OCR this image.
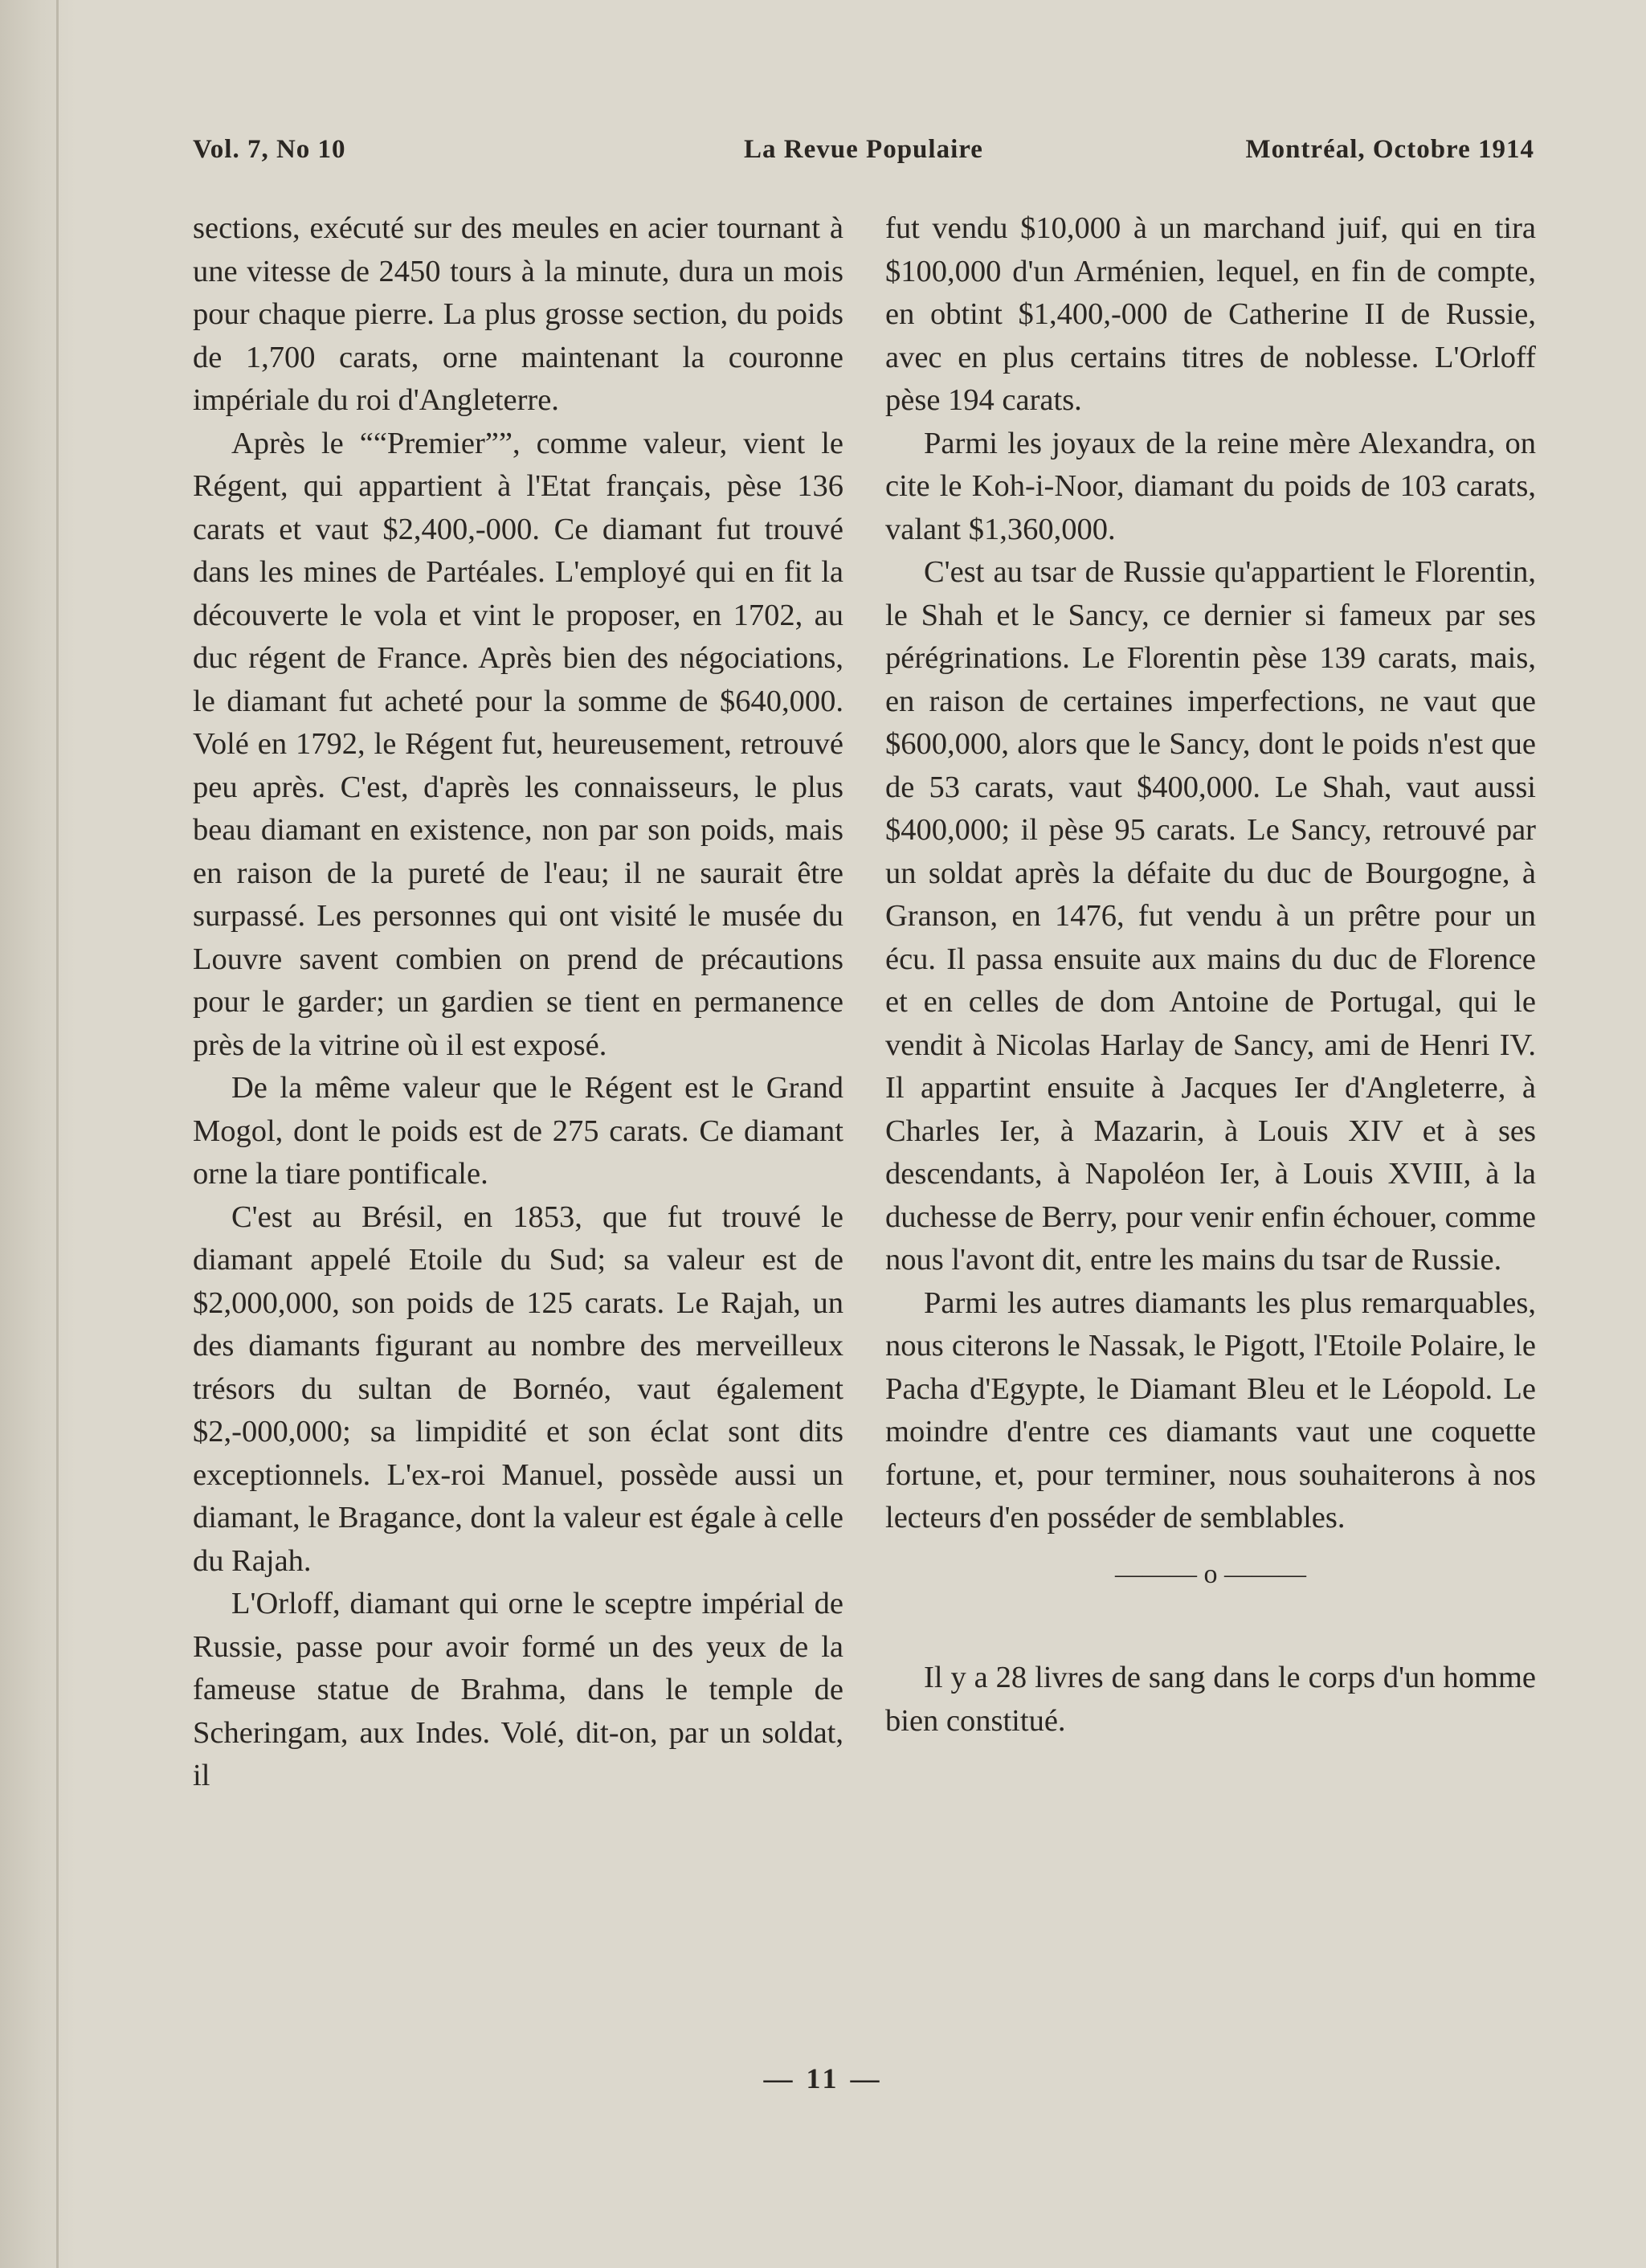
Vol. 7, No 10	La Revue Populaire	Montréal, Octobre 1914

sections, exécuté sur des meules en acier tournant à une vitesse de 2450 tours à la minute, dura un mois pour chaque pierre. La plus grosse section, du poids de 1,700 carats, orne maintenant la couronne impériale du roi d'Angleterre.

Après le ““Premier””, comme valeur, vient le Régent, qui appartient à l'Etat français, pèse 136 carats et vaut $2,400,-000. Ce diamant fut trouvé dans les mines de Partéales. L'employé qui en fit la découverte le vola et vint le proposer, en 1702, au duc régent de France. Après bien des négociations, le diamant fut acheté pour la somme de $640,000. Volé en 1792, le Régent fut, heureusement, retrouvé peu après. C'est, d'après les connaisseurs, le plus beau diamant en existence, non par son poids, mais en raison de la pureté de l'eau; il ne saurait être surpassé. Les personnes qui ont visité le musée du Louvre savent combien on prend de précautions pour le garder; un gardien se tient en permanence près de la vitrine où il est exposé.

De la même valeur que le Régent est le Grand Mogol, dont le poids est de 275 carats. Ce diamant orne la tiare pontificale.

C'est au Brésil, en 1853, que fut trouvé le diamant appelé Etoile du Sud; sa valeur est de $2,000,000, son poids de 125 carats. Le Rajah, un des diamants figurant au nombre des merveilleux trésors du sultan de Bornéo, vaut également $2,-000,000; sa limpidité et son éclat sont dits exceptionnels. L'ex-roi Manuel, possède aussi un diamant, le Bragance, dont la valeur est égale à celle du Rajah.

L'Orloff, diamant qui orne le sceptre impérial de Russie, passe pour avoir formé un des yeux de la fameuse statue de Brahma, dans le temple de Scheringam, aux Indes. Volé, dit-on, par un soldat, il

fut vendu $10,000 à un marchand juif, qui en tira $100,000 d'un Arménien, lequel, en fin de compte, en obtint $1,400,-000 de Catherine II de Russie, avec en plus certains titres de noblesse. L'Orloff pèse 194 carats.

Parmi les joyaux de la reine mère Alexandra, on cite le Koh-i-Noor, diamant du poids de 103 carats, valant $1,360,000.

C'est au tsar de Russie qu'appartient le Florentin, le Shah et le Sancy, ce dernier si fameux par ses pérégrinations. Le Florentin pèse 139 carats, mais, en raison de certaines imperfections, ne vaut que $600,000, alors que le Sancy, dont le poids n'est que de 53 carats, vaut $400,000. Le Shah, vaut aussi $400,000; il pèse 95 carats. Le Sancy, retrouvé par un soldat après la défaite du duc de Bourgogne, à Granson, en 1476, fut vendu à un prêtre pour un écu. Il passa ensuite aux mains du duc de Florence et en celles de dom Antoine de Portugal, qui le vendit à Nicolas Harlay de Sancy, ami de Henri IV. Il appartint ensuite à Jacques Ier d'Angleterre, à Charles Ier, à Mazarin, à Louis XIV et à ses descendants, à Napoléon Ier, à Louis XVIII, à la duchesse de Berry, pour venir enfin échouer, comme nous l'avont dit, entre les mains du tsar de Russie.

Parmi les autres diamants les plus remarquables, nous citerons le Nassak, le Pigott, l'Etoile Polaire, le Pacha d'Egypte, le Diamant Bleu et le Léopold. Le moindre d'entre ces diamants vaut une coquette fortune, et, pour terminer, nous souhaiterons à nos lecteurs d'en posséder de semblables.

——— o ———

Il y a 28 livres de sang dans le corps d'un homme bien constitué.

— 11 —
